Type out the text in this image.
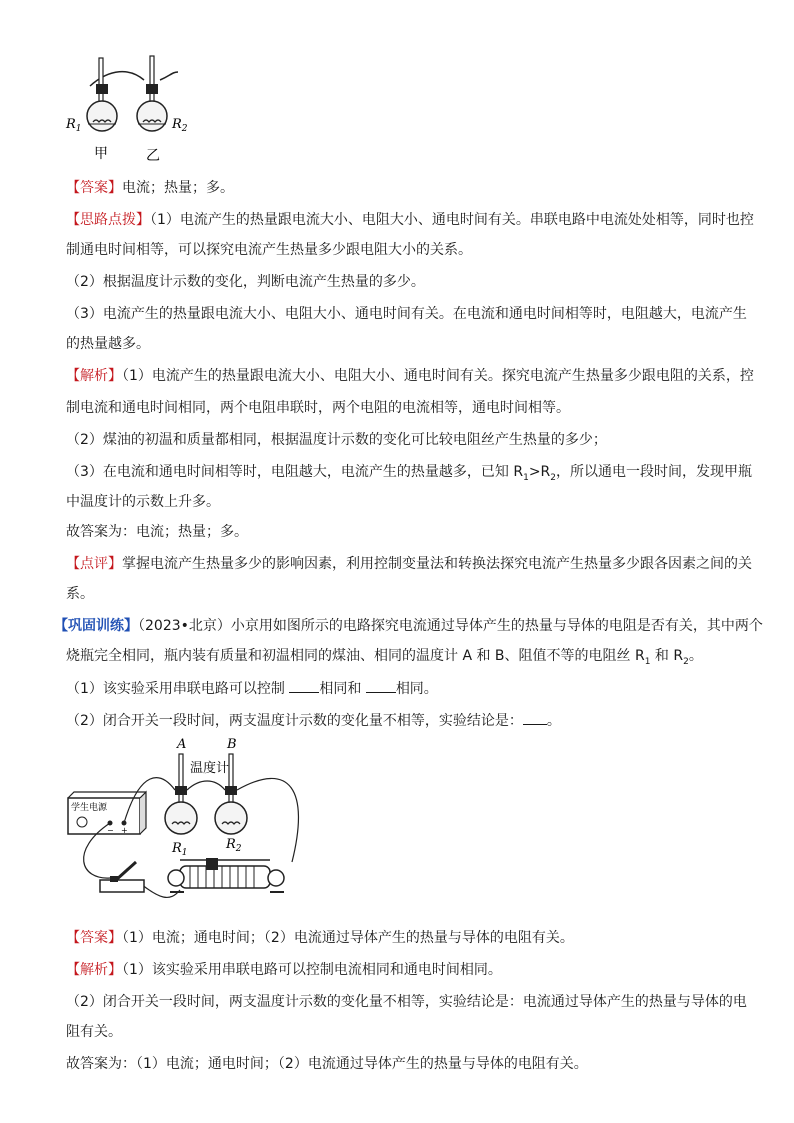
$R_1$	$R_2$
甲	乙
【答案】电流；热量；多。
【思路点拨】（1）电流产生的热量跟电流大小、电阻大小、通电时间有关。串联电路中电流处处相等，同时也控
制通电时间相等，可以探究电流产生热量多少跟电阻大小的关系。
（2）根据温度计示数的变化，判断电流产生热量的多少。
（3）电流产生的热量跟电流大小、电阻大小、通电时间有关。在电流和通电时间相等时，电阻越大，电流产生
的热量越多。
【解析】（1）电流产生的热量跟电流大小、电阻大小、通电时间有关。探究电流产生热量多少跟电阻的关系，控
制电流和通电时间相同，两个电阻串联时，两个电阻的电流相等，通电时间相等。
（2）煤油的初温和质量都相同，根据温度计示数的变化可比较电阻丝产生热量的多少；
（3）在电流和通电时间相等时，电阻越大，电流产生的热量越多，已知 $R_1>R_2$，所以通电一段时间，发现甲瓶
中温度计的示数上升多。
故答案为：电流；热量；多。
【点评】掌握电流产生热量多少的影响因素，利用控制变量法和转换法探究电流产生热量多少跟各因素之间的关
系。
【巩固训练】（2023•北京）小京用如图所示的电路探究电流通过导体产生的热量与导体的电阻是否有关，其中两个
烧瓶完全相同，瓶内装有质量和初温相同的煤油、相同的温度计 A 和 B、阻值不等的电阻丝 $R_1$ 和 $R_2$。
（1）该实验采用串联电路可以控制 相同和 相同。
（2）闭合开关一段时间，两支温度计示数的变化量不相等，实验结论是： 。
A	B
温度计
学生电源
− +
$R_1$
$R_2$
【答案】（1）电流；通电时间；（2）电流通过导体产生的热量与导体的电阻有关。
【解析】（1）该实验采用串联电路可以控制电流相同和通电时间相同。
（2）闭合开关一段时间，两支温度计示数的变化量不相等，实验结论是：电流通过导体产生的热量与导体的电
阻有关。
故答案为：（1）电流；通电时间；（2）电流通过导体产生的热量与导体的电阻有关。
